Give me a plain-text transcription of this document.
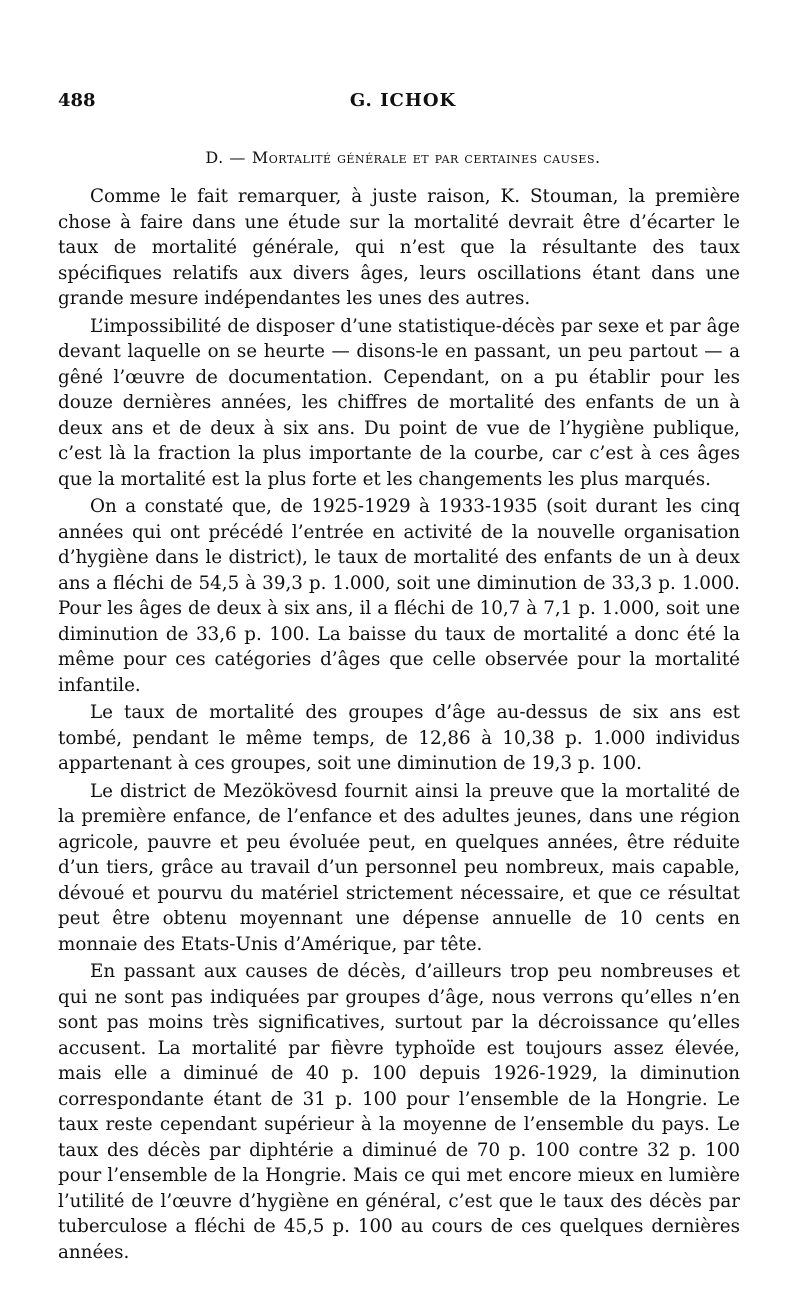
488	G. ICHOK
D. — Mortalité générale et par certaines causes.

Comme le fait remarquer, à juste raison, K. Stouman, la première chose à faire dans une étude sur la mortalité devrait être d’écarter le taux de mortalité générale, qui n’est que la résultante des taux spécifiques relatifs aux divers âges, leurs oscillations étant dans une grande mesure indépendantes les unes des autres.

L’impossibilité de disposer d’une statistique-décès par sexe et par âge devant laquelle on se heurte — disons-le en passant, un peu partout — a gêné l’œuvre de documentation. Cependant, on a pu établir pour les douze dernières années, les chiffres de mortalité des enfants de un à deux ans et de deux à six ans. Du point de vue de l’hygiène publique, c’est là la fraction la plus importante de la courbe, car c’est à ces âges que la mortalité est la plus forte et les changements les plus marqués.

On a constaté que, de 1925-1929 à 1933-1935 (soit durant les cinq années qui ont précédé l’entrée en activité de la nouvelle organisation d’hygiène dans le district), le taux de mortalité des enfants de un à deux ans a fléchi de 54,5 à 39,3 p. 1.000, soit une diminution de 33,3 p. 1.000. Pour les âges de deux à six ans, il a fléchi de 10,7 à 7,1 p. 1.000, soit une diminution de 33,6 p. 100. La baisse du taux de mortalité a donc été la même pour ces catégories d’âges que celle observée pour la mortalité infantile.

Le taux de mortalité des groupes d’âge au-dessus de six ans est tombé, pendant le même temps, de 12,86 à 10,38 p. 1.000 individus appartenant à ces groupes, soit une diminution de 19,3 p. 100.

Le district de Mezökövesd fournit ainsi la preuve que la mortalité de la première enfance, de l’enfance et des adultes jeunes, dans une région agricole, pauvre et peu évoluée peut, en quelques années, être réduite d’un tiers, grâce au travail d’un personnel peu nombreux, mais capable, dévoué et pourvu du matériel strictement nécessaire, et que ce résultat peut être obtenu moyennant une dépense annuelle de 10 cents en monnaie des Etats-Unis d’Amérique, par tête.

En passant aux causes de décès, d’ailleurs trop peu nombreuses et qui ne sont pas indiquées par groupes d’âge, nous verrons qu’elles n’en sont pas moins très significatives, surtout par la décroissance qu’elles accusent. La mortalité par fièvre typhoïde est toujours assez élevée, mais elle a diminué de 40 p. 100 depuis 1926-1929, la diminution correspondante étant de 31 p. 100 pour l’ensemble de la Hongrie. Le taux reste cependant supérieur à la moyenne de l’ensemble du pays. Le taux des décès par diphtérie a diminué de 70 p. 100 contre 32 p. 100 pour l’ensemble de la Hongrie. Mais ce qui met encore mieux en lumière l’utilité de l’œuvre d’hygiène en général, c’est que le taux des décès par tuberculose a fléchi de 45,5 p. 100 au cours de ces quelques dernières années.
